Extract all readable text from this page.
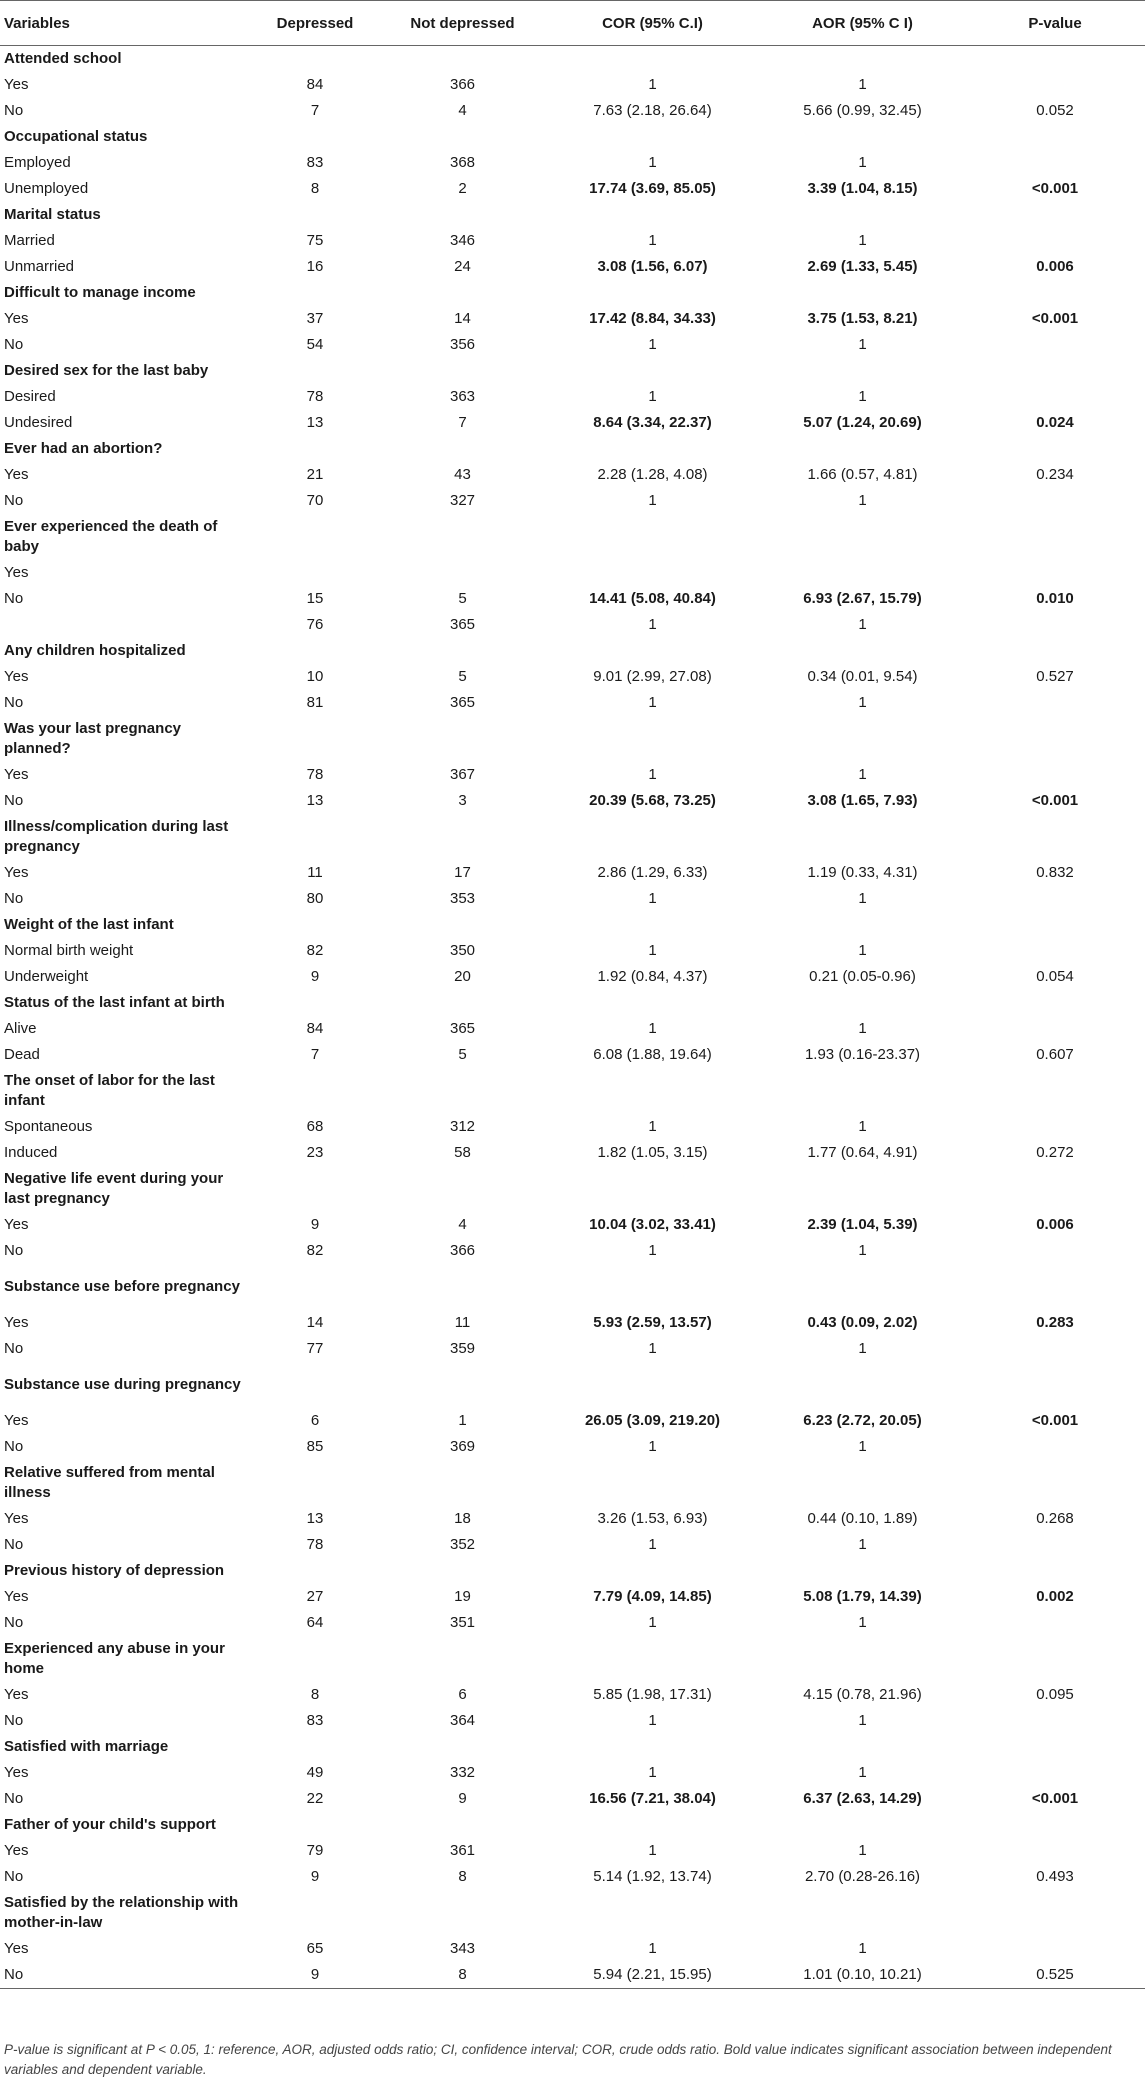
Variables	Depressed	Not depressed	COR (95% C.I)	AOR (95% C I)	P-value
Attended school					
Yes	84	366	1	1	
No	7	4	7.63 (2.18, 26.64)	5.66 (0.99, 32.45)	0.052
Occupational status					
Employed	83	368	1	1	
Unemployed	8	2	17.74 (3.69, 85.05)	3.39 (1.04, 8.15)	<0.001
Marital status					
Married	75	346	1	1	
Unmarried	16	24	3.08 (1.56, 6.07)	2.69 (1.33, 5.45)	0.006
Difficult to manage income					
Yes	37	14	17.42 (8.84, 34.33)	3.75 (1.53, 8.21)	<0.001
No	54	356	1	1	
Desired sex for the last baby					
Desired	78	363	1	1	
Undesired	13	7	8.64 (3.34, 22.37)	5.07 (1.24, 20.69)	0.024
Ever had an abortion?					
Yes	21	43	2.28 (1.28, 4.08)	1.66 (0.57, 4.81)	0.234
No	70	327	1	1	
Ever experienced the death of baby					
Yes					
No	15	5	14.41 (5.08, 40.84)	6.93 (2.67, 15.79)	0.010
	76	365	1	1	
Any children hospitalized					
Yes	10	5	9.01 (2.99, 27.08)	0.34 (0.01, 9.54)	0.527
No	81	365	1	1	
Was your last pregnancy planned?					
Yes	78	367	1	1	
No	13	3	20.39 (5.68, 73.25)	3.08 (1.65, 7.93)	<0.001
Illness/complication during last pregnancy					
Yes	11	17	2.86 (1.29, 6.33)	1.19 (0.33, 4.31)	0.832
No	80	353	1	1	
Weight of the last infant					
Normal birth weight	82	350	1	1	
Underweight	9	20	1.92 (0.84, 4.37)	0.21 (0.05-0.96)	0.054
Status of the last infant at birth					
Alive	84	365	1	1	
Dead	7	5	6.08 (1.88, 19.64)	1.93 (0.16-23.37)	0.607
The onset of labor for the last infant					
Spontaneous	68	312	1	1	
Induced	23	58	1.82 (1.05, 3.15)	1.77 (0.64, 4.91)	0.272
Negative life event during your last pregnancy					
Yes	9	4	10.04 (3.02, 33.41)	2.39 (1.04, 5.39)	0.006
No	82	366	1	1	
Substance use before pregnancy					
Yes	14	11	5.93 (2.59, 13.57)	0.43 (0.09, 2.02)	0.283
No	77	359	1	1	
Substance use during pregnancy					
Yes	6	1	26.05 (3.09, 219.20)	6.23 (2.72, 20.05)	<0.001
No	85	369	1	1	
Relative suffered from mental illness					
Yes	13	18	3.26 (1.53, 6.93)	0.44 (0.10, 1.89)	0.268
No	78	352	1	1	
Previous history of depression					
Yes	27	19	7.79 (4.09, 14.85)	5.08 (1.79, 14.39)	0.002
No	64	351	1	1	
Experienced any abuse in your home					
Yes	8	6	5.85 (1.98, 17.31)	4.15 (0.78, 21.96)	0.095
No	83	364	1	1	
Satisfied with marriage					
Yes	49	332	1	1	
No	22	9	16.56 (7.21, 38.04)	6.37 (2.63, 14.29)	<0.001
Father of your child's support					
Yes	79	361	1	1	
No	9	8	5.14 (1.92, 13.74)	2.70 (0.28-26.16)	0.493
Satisfied by the relationship with mother-in-law					
Yes	65	343	1	1	
No	9	8	5.94 (2.21, 15.95)	1.01 (0.10, 10.21)	0.525
P-value is significant at P < 0.05, 1: reference, AOR, adjusted odds ratio; CI, confidence interval; COR, crude odds ratio. Bold value indicates significant association between independent variables and dependent variable.
